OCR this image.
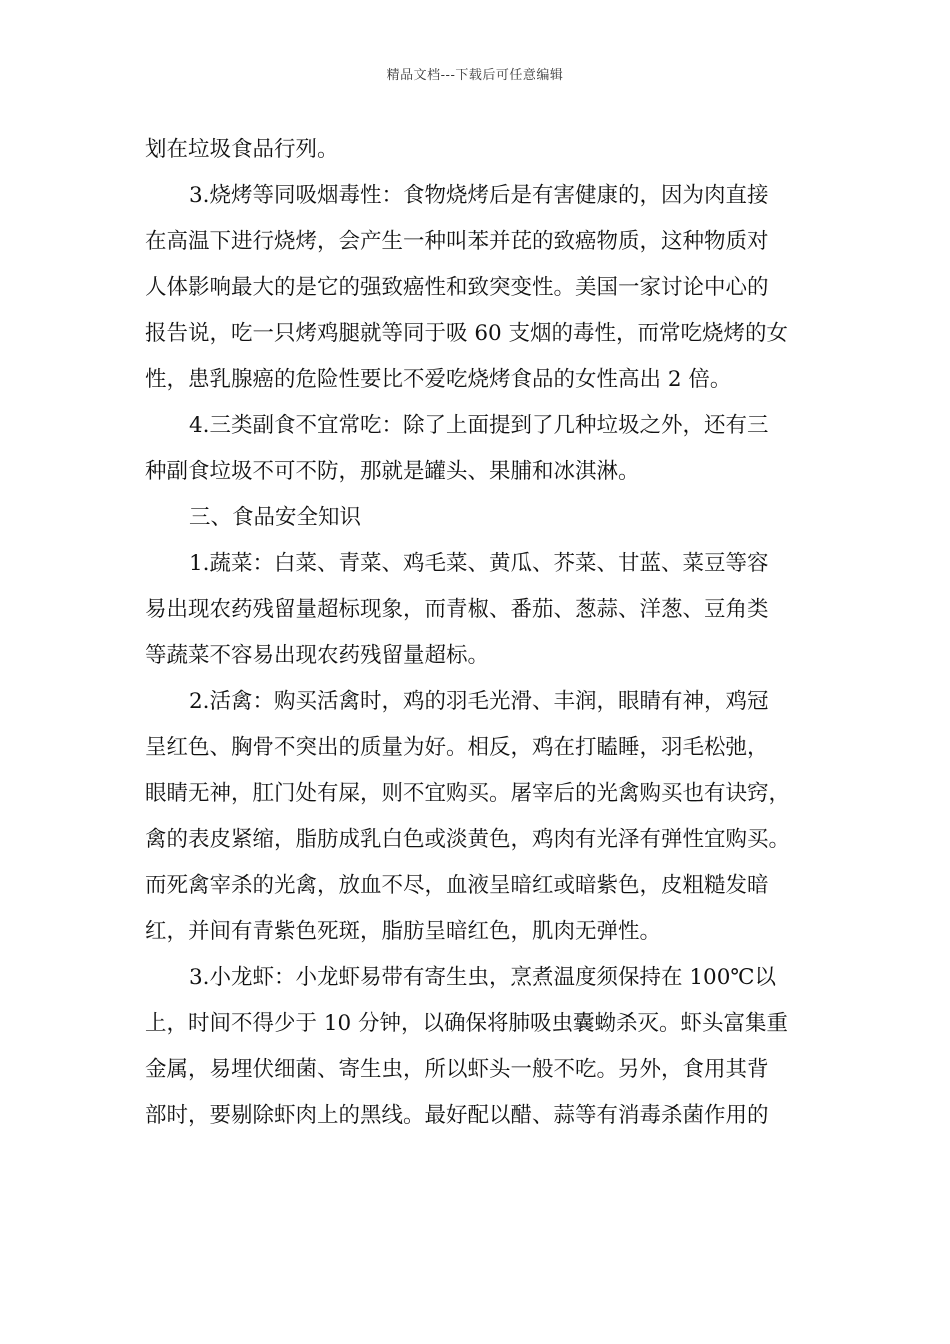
精品文档---下载后可任意编辑
划在垃圾食品行列。
3.烧烤等同吸烟毒性：食物烧烤后是有害健康的，因为肉直接
在高温下进行烧烤，会产生一种叫苯并芘的致癌物质，这种物质对
人体影响最大的是它的强致癌性和致突变性。美国一家讨论中心的
报告说，吃一只烤鸡腿就等同于吸 60 支烟的毒性，而常吃烧烤的女
性，患乳腺癌的危险性要比不爱吃烧烤食品的女性高出 2 倍。
4.三类副食不宜常吃：除了上面提到了几种垃圾之外，还有三
种副食垃圾不可不防，那就是罐头、果脯和冰淇淋。
三、食品安全知识
1.蔬菜：白菜、青菜、鸡毛菜、黄瓜、芥菜、甘蓝、菜豆等容
易出现农药残留量超标现象，而青椒、番茄、葱蒜、洋葱、豆角类
等蔬菜不容易出现农药残留量超标。
2.活禽：购买活禽时，鸡的羽毛光滑、丰润，眼睛有神，鸡冠
呈红色、胸骨不突出的质量为好。相反，鸡在打瞌睡，羽毛松弛，
眼睛无神，肛门处有屎，则不宜购买。屠宰后的光禽购买也有诀窍，
禽的表皮紧缩，脂肪成乳白色或淡黄色，鸡肉有光泽有弹性宜购买。
而死禽宰杀的光禽，放血不尽，血液呈暗红或暗紫色，皮粗糙发暗
红，并间有青紫色死斑，脂肪呈暗红色，肌肉无弹性。
3.小龙虾：小龙虾易带有寄生虫，烹煮温度须保持在 100℃以
上，时间不得少于 10 分钟，以确保将肺吸虫囊蚴杀灭。虾头富集重
金属，易埋伏细菌、寄生虫，所以虾头一般不吃。另外，食用其背
部时，要剔除虾肉上的黑线。最好配以醋、蒜等有消毒杀菌作用的
